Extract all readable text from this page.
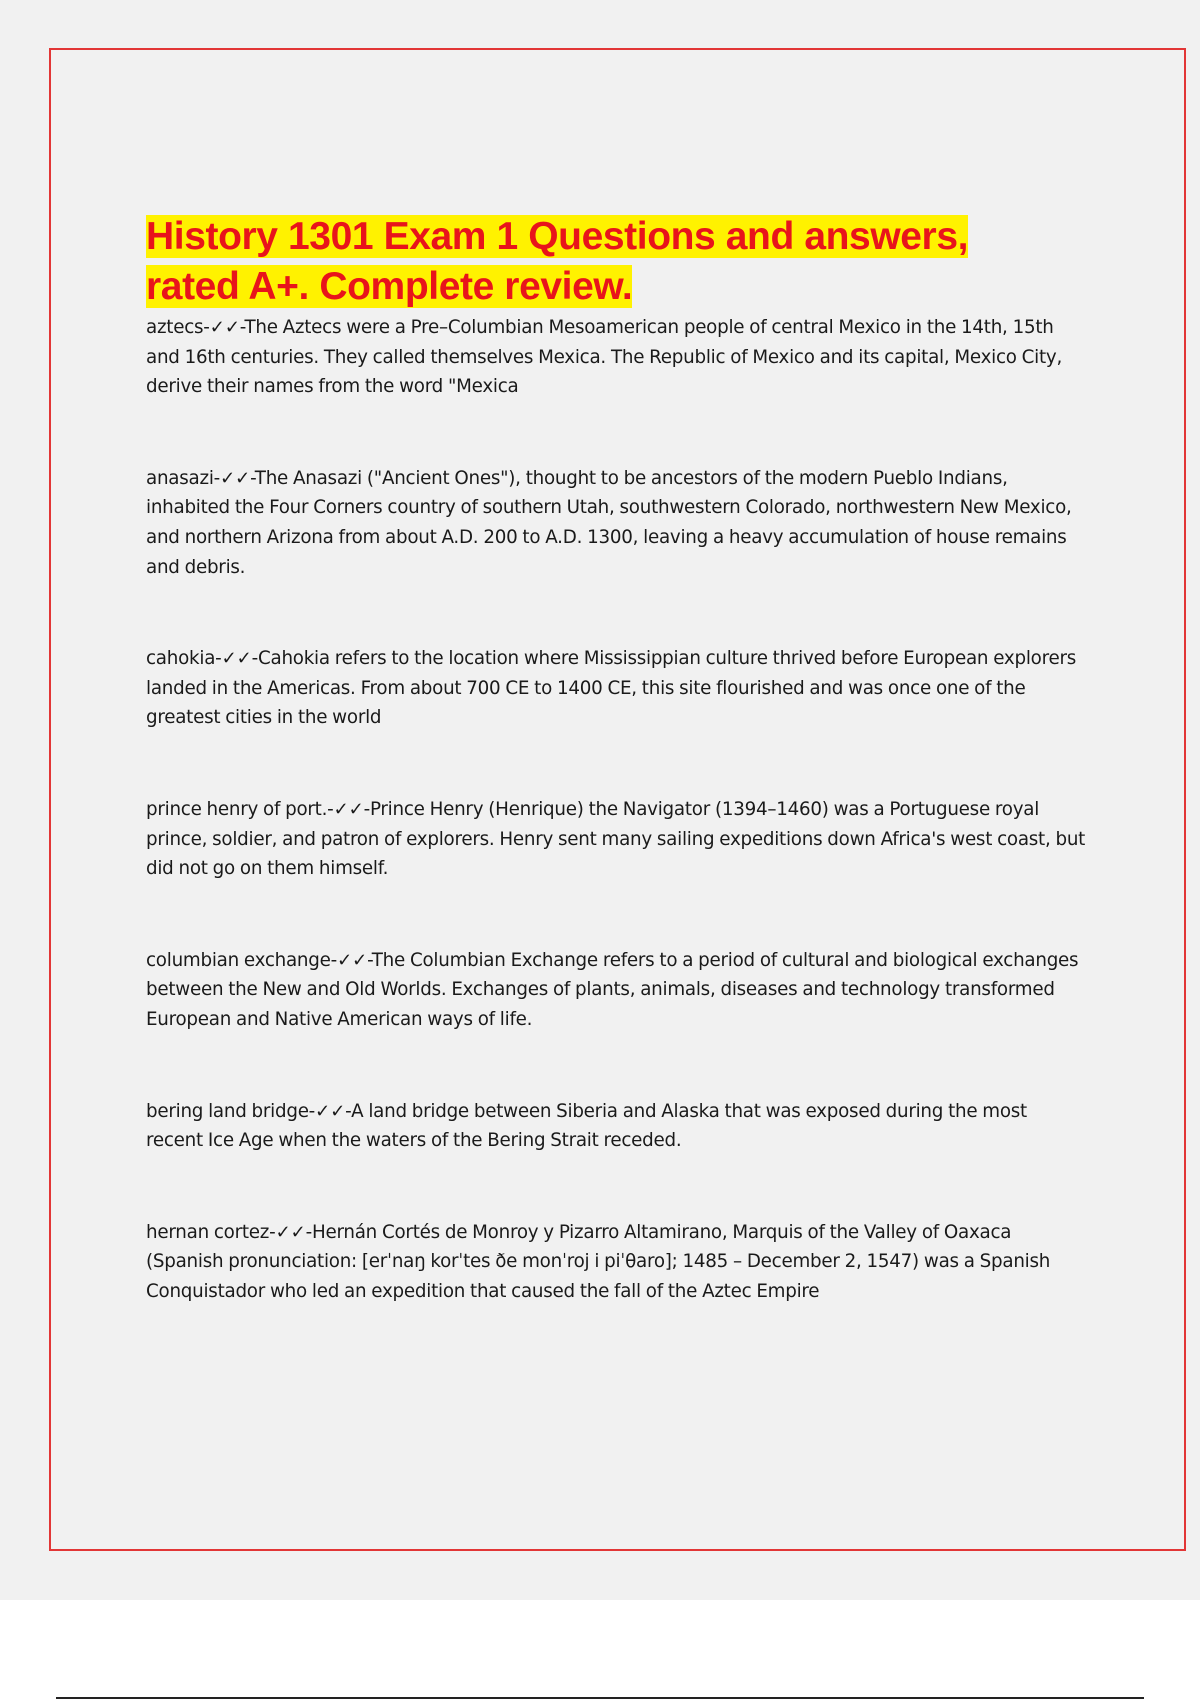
History 1301 Exam 1 Questions and answers, rated A+. Complete review.

aztecs-✓✓-The Aztecs were a Pre–Columbian Mesoamerican people of central Mexico in the 14th, 15th and 16th centuries. They called themselves Mexica. The Republic of Mexico and its capital, Mexico City, derive their names from the word "Mexica

anasazi-✓✓-The Anasazi ("Ancient Ones"), thought to be ancestors of the modern Pueblo Indians, inhabited the Four Corners country of southern Utah, southwestern Colorado, northwestern New Mexico, and northern Arizona from about A.D. 200 to A.D. 1300, leaving a heavy accumulation of house remains and debris.

cahokia-✓✓-Cahokia refers to the location where Mississippian culture thrived before European explorers landed in the Americas. From about 700 CE to 1400 CE, this site flourished and was once one of the greatest cities in the world

prince henry of port.-✓✓-Prince Henry (Henrique) the Navigator (1394–1460) was a Portuguese royal prince, soldier, and patron of explorers. Henry sent many sailing expeditions down Africa's west coast, but did not go on them himself.

columbian exchange-✓✓-The Columbian Exchange refers to a period of cultural and biological exchanges between the New and Old Worlds. Exchanges of plants, animals, diseases and technology transformed European and Native American ways of life.

bering land bridge-✓✓-A land bridge between Siberia and Alaska that was exposed during the most recent Ice Age when the waters of the Bering Strait receded.

hernan cortez-✓✓-Hernán Cortés de Monroy y Pizarro Altamirano, Marquis of the Valley of Oaxaca (Spanish pronunciation: [erˈnaŋ korˈtes ðe monˈroj i piˈθaro]; 1485 – December 2, 1547) was a Spanish Conquistador who led an expedition that caused the fall of the Aztec Empire
